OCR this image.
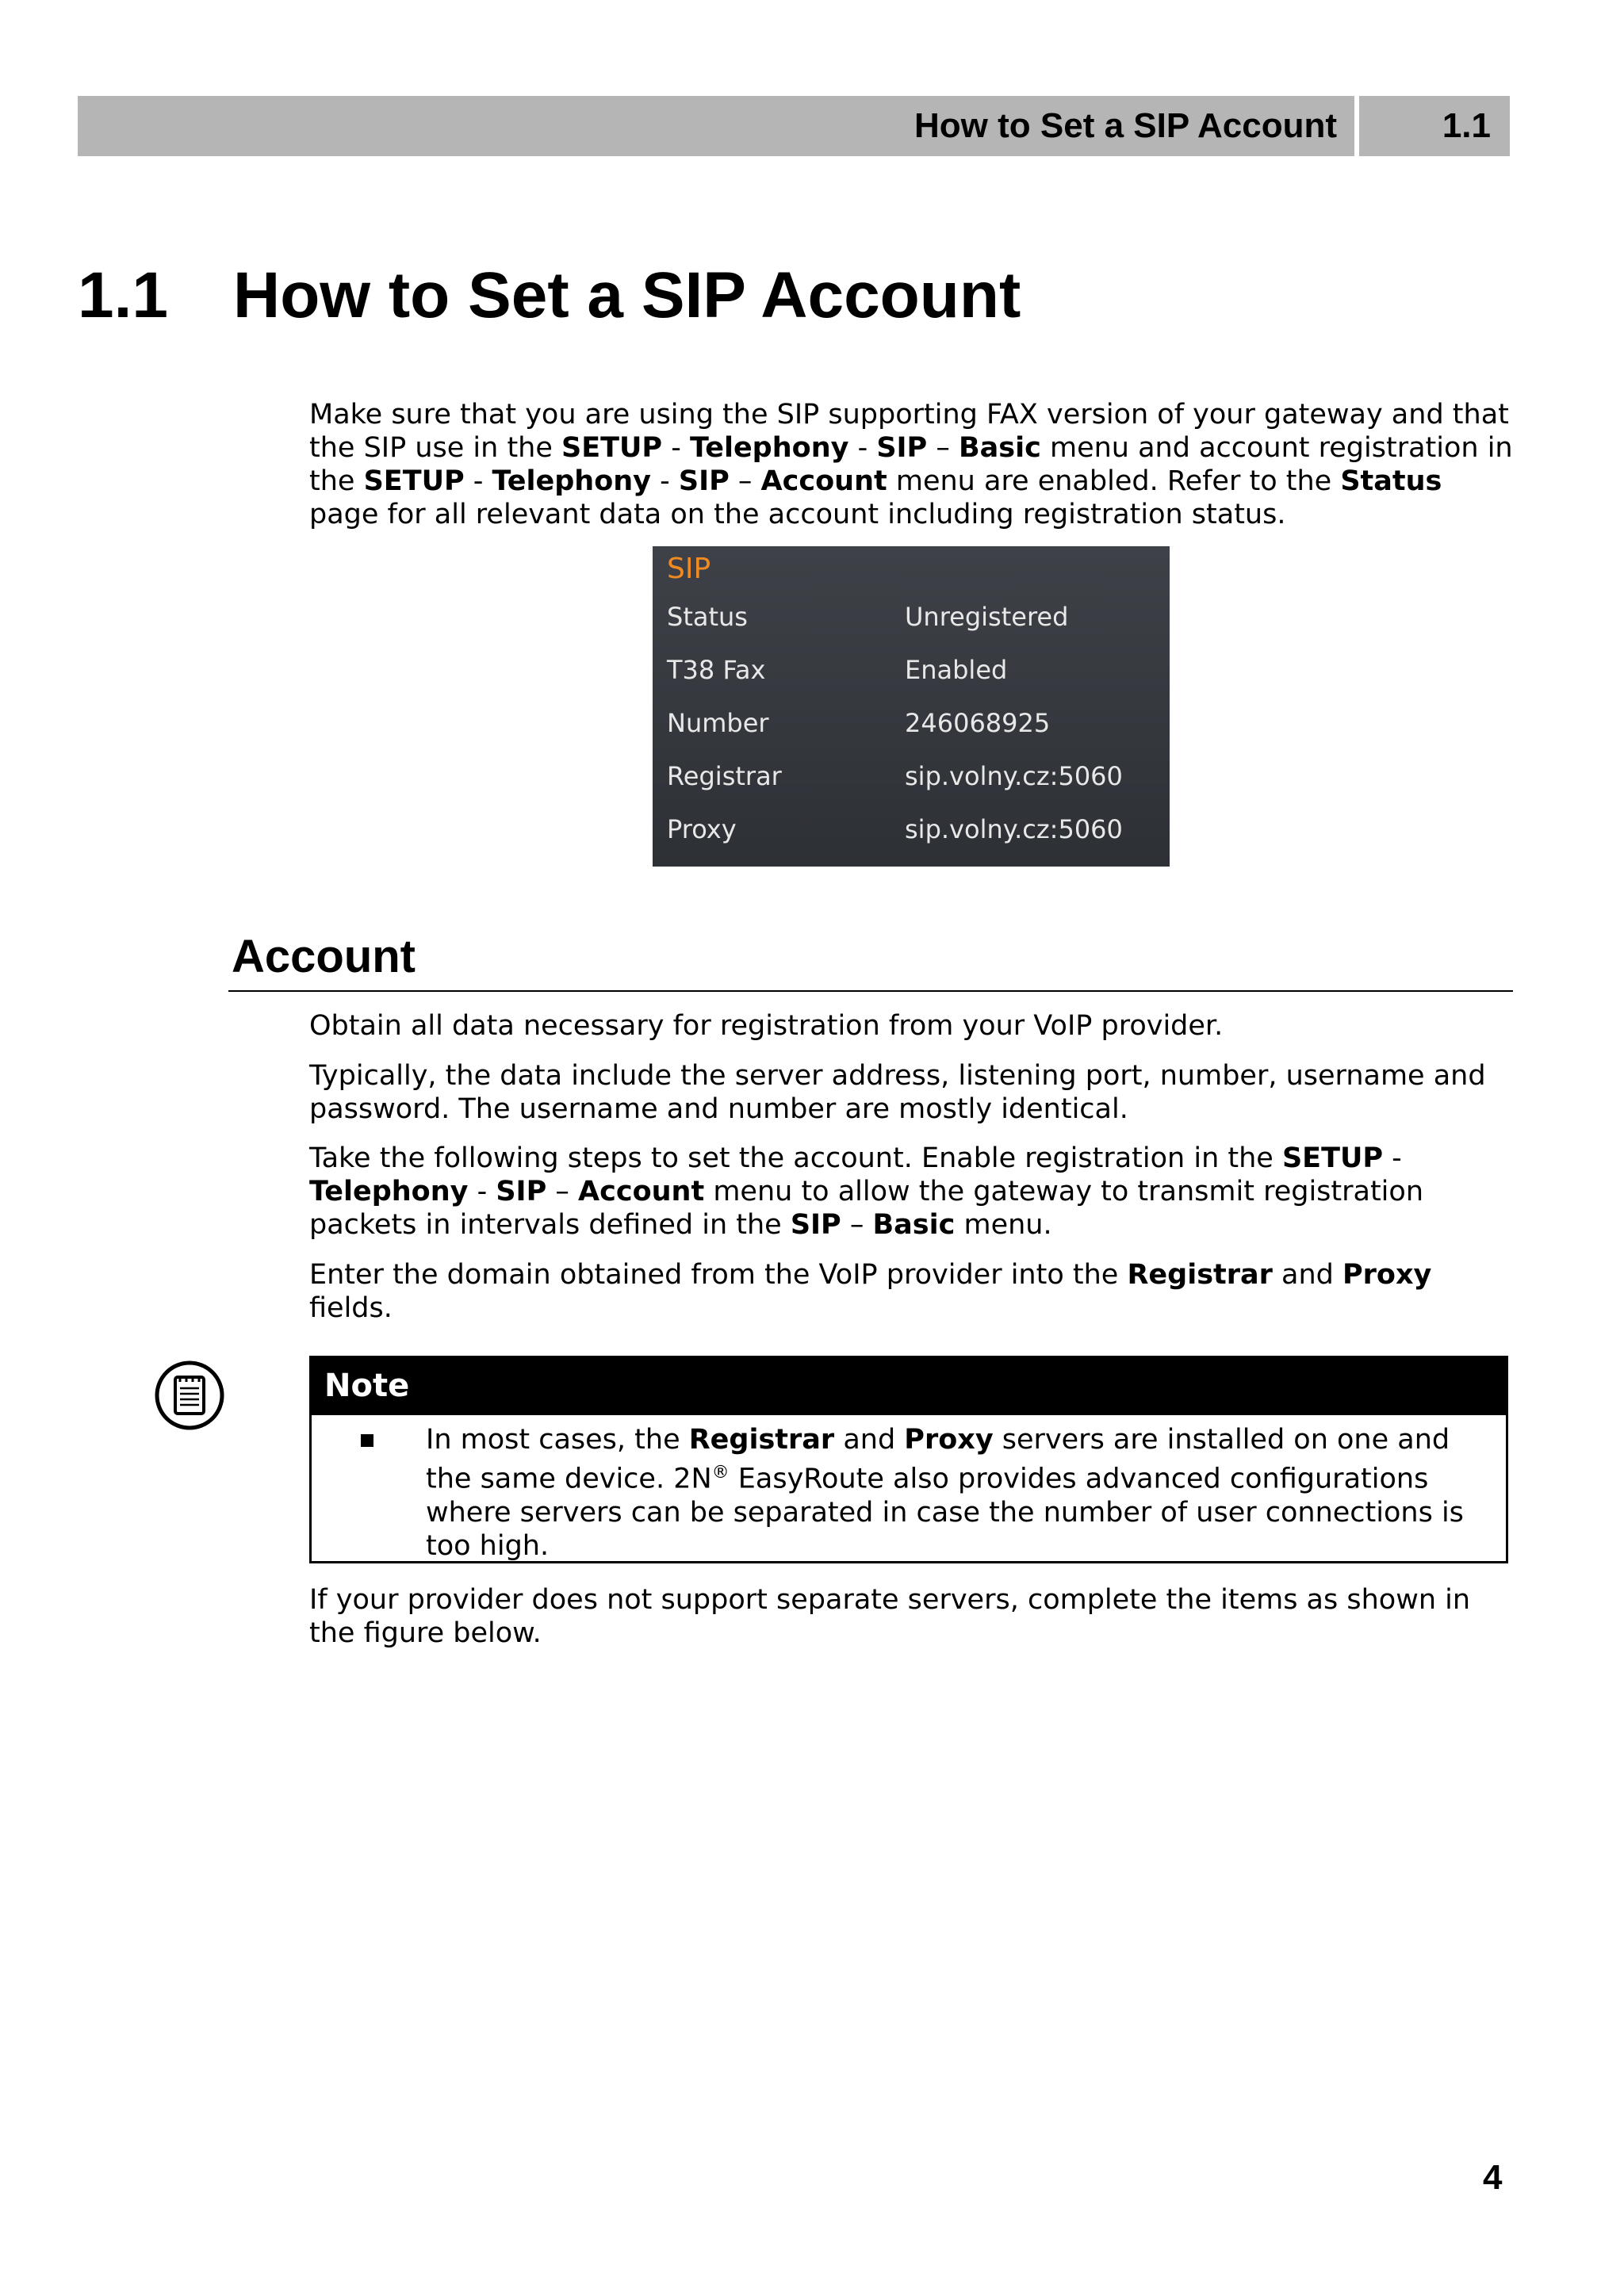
How to Set a SIP Account	1.1
1.1 How to Set a SIP Account
Make sure that you are using the SIP supporting FAX version of your gateway and that the SIP use in the SETUP - Telephony - SIP – Basic menu and account registration in the SETUP - Telephony - SIP – Account menu are enabled. Refer to the Status page for all relevant data on the account including registration status.
SIP
Status	Unregistered
T38 Fax	Enabled
Number	246068925
Registrar	sip.volny.cz:5060
Proxy	sip.volny.cz:5060
Account
Obtain all data necessary for registration from your VoIP provider.
Typically, the data include the server address, listening port, number, username and password. The username and number are mostly identical.
Take the following steps to set the account. Enable registration in the SETUP - Telephony - SIP – Account menu to allow the gateway to transmit registration packets in intervals defined in the SIP – Basic menu.
Enter the domain obtained from the VoIP provider into the Registrar and Proxy fields.
Note
In most cases, the Registrar and Proxy servers are installed on one and the same device. 2N® EasyRoute also provides advanced configurations where servers can be separated in case the number of user connections is too high.
If your provider does not support separate servers, complete the items as shown in the figure below.
4
